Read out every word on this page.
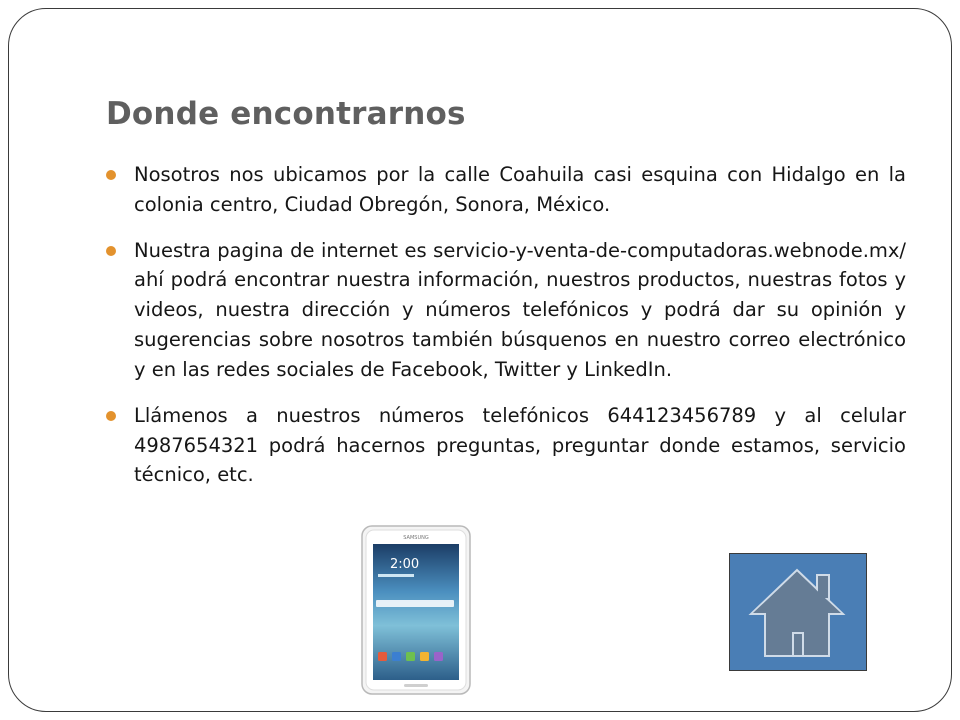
Donde encontrarnos
Nosotros nos ubicamos por la calle Coahuila casi esquina con Hidalgo en la colonia centro, Ciudad Obregón, Sonora, México.
Nuestra pagina de internet es servicio-y-venta-de-computadoras.webnode.mx/ ahí podrá encontrar nuestra información, nuestros productos, nuestras fotos y videos, nuestra dirección y números telefónicos y podrá dar su opinión y sugerencias sobre nosotros también búsquenos en nuestro correo electrónico y en las redes sociales de Facebook, Twitter y LinkedIn.
Llámenos a nuestros números telefónicos 644123456789 y al celular 4987654321 podrá hacernos preguntas, preguntar donde estamos, servicio técnico, etc.
SAMSUNG
2:00
